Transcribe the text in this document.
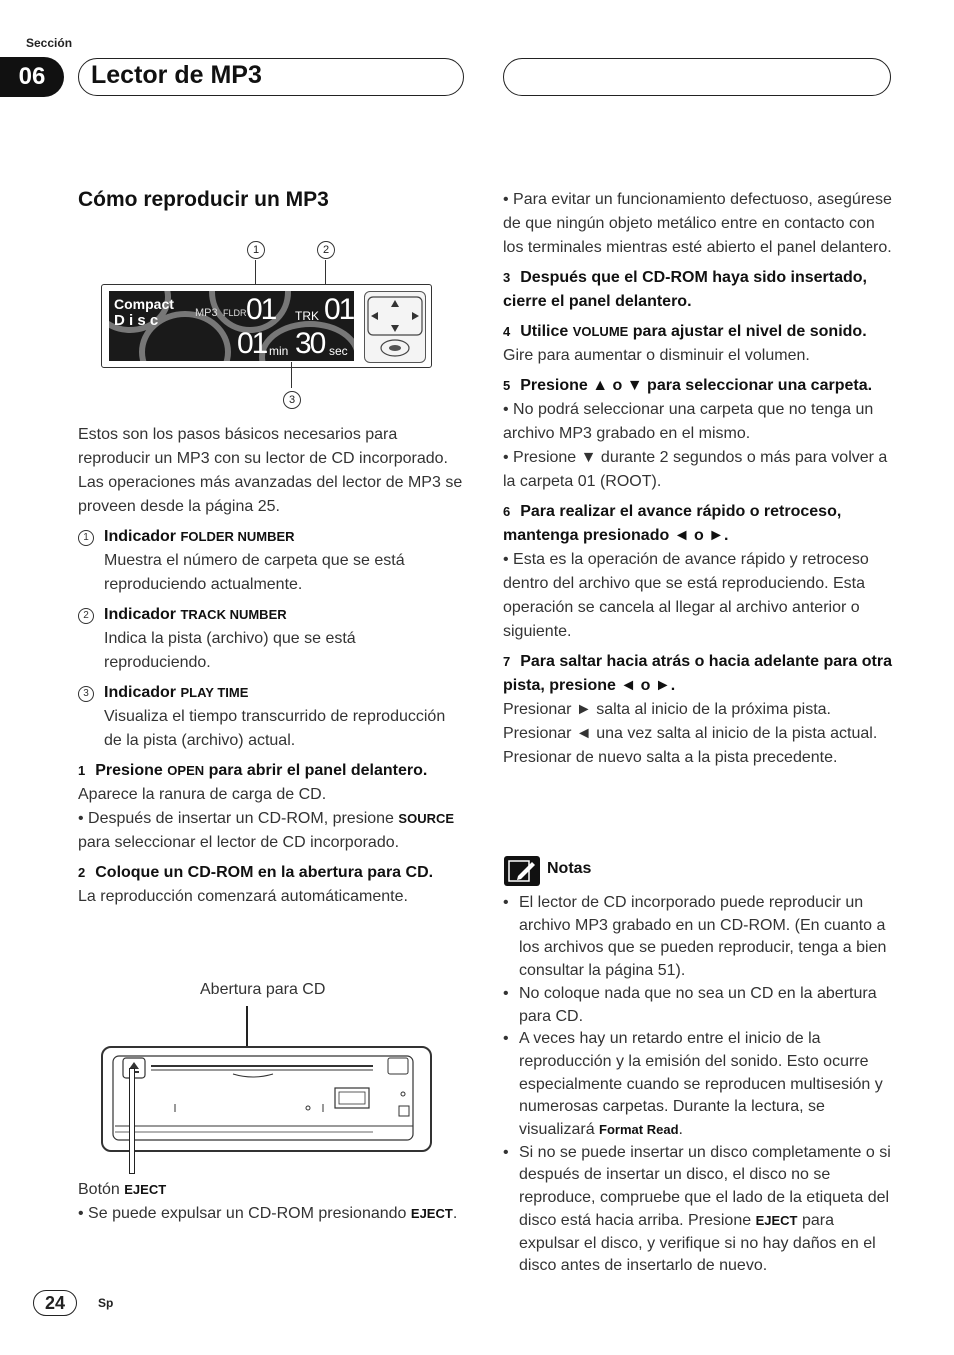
Sección
06	Lector de MP3
Cómo reproducir un MP3
1	2
Compact
D i s c	MP3 FLDR 01 TRK 01
01 min 30 sec
3

Estos son los pasos básicos necesarios para reproducir un MP3 con su lector de CD incorporado. Las operaciones más avanzadas del lector de MP3 se proveen desde la página 25.

1 Indicador FOLDER NUMBER

Muestra el número de carpeta que se está reproduciendo actualmente.

2 Indicador TRACK NUMBER

Indica la pista (archivo) que se está reproduciendo.

3 Indicador PLAY TIME

Visualiza el tiempo transcurrido de reproducción de la pista (archivo) actual.

1 Presione OPEN para abrir el panel delantero.

Aparece la ranura de carga de CD.

• Después de insertar un CD-ROM, presione SOURCE para seleccionar el lector de CD incorporado.

2 Coloque un CD-ROM en la abertura para CD.

La reproducción comenzará automáticamente.

Abertura para CD

Botón EJECT

• Se puede expulsar un CD-ROM presionando EJECT.

• Para evitar un funcionamiento defectuoso, asegúrese de que ningún objeto metálico entre en contacto con los terminales mientras esté abierto el panel delantero.

3 Después que el CD-ROM haya sido insertado, cierre el panel delantero.

4 Utilice VOLUME para ajustar el nivel de sonido.

Gire para aumentar o disminuir el volumen.

5 Presione ▲ o ▼ para seleccionar una carpeta.

• No podrá seleccionar una carpeta que no tenga un archivo MP3 grabado en el mismo.

• Presione ▼ durante 2 segundos o más para volver a la carpeta 01 (ROOT).

6 Para realizar el avance rápido o retroceso, mantenga presionado ◄ o ►.

• Esta es la operación de avance rápido y retroceso dentro del archivo que se está reproduciendo. Esta operación se cancela al llegar al archivo anterior o siguiente.

7 Para saltar hacia atrás o hacia adelante para otra pista, presione ◄ o ►.

Presionar ► salta al inicio de la próxima pista. Presionar ◄ una vez salta al inicio de la pista actual. Presionar de nuevo salta a la pista precedente.

Notas
• El lector de CD incorporado puede reproducir un archivo MP3 grabado en un CD-ROM. (En cuanto a los archivos que se pueden reproducir, tenga a bien consultar la página 51).
• No coloque nada que no sea un CD en la abertura para CD.
• A veces hay un retardo entre el inicio de la reproducción y la emisión del sonido. Esto ocurre especialmente cuando se reproducen multisesión y numerosas carpetas. Durante la lectura, se visualizará Format Read.
• Si no se puede insertar un disco completamente o si después de insertar un disco, el disco no se reproduce, compruebe que el lado de la etiqueta del disco está hacia arriba. Presione EJECT para expulsar el disco, y verifique si no hay daños en el disco antes de insertarlo de nuevo.
24	Sp
